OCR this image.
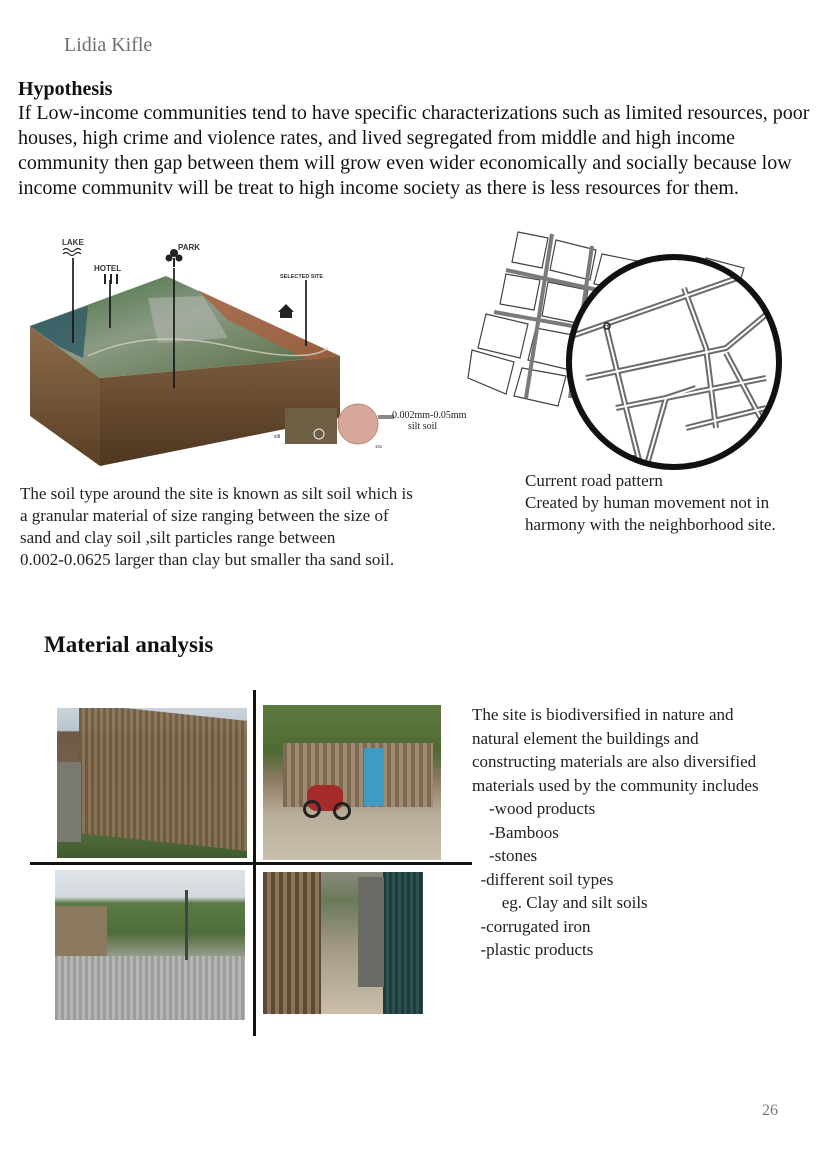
Lidia Kifle
Hypothesis
If Low-income communities tend to have specific characterizations such as limited resources, poor houses, high crime and violence rates, and lived segregated from middle and high income community then gap between them will grow even wider economically and socially because low income communitv will be treat to high income society as there is less resources for them.
LAKE
HOTEL
PARK
SELECTED SITE
silt
10x
0.002mm-0.05mm
silt soil
The soil type around the site is known as silt soil which is
a granular material of size ranging between the size of
sand and clay soil ,silt particles range between
0.002-0.0625 larger than clay but smaller tha sand soil.
Current road pattern
Created by human movement not in
harmony with the neighborhood site.
Material analysis
The site is biodiversified in nature and
natural element the buildings and
constructing materials are also diversified
materials used by the community includes
-wood products
-Bamboos
-stones
-different soil types
eg. Clay and silt soils
-corrugated iron
-plastic products
26
